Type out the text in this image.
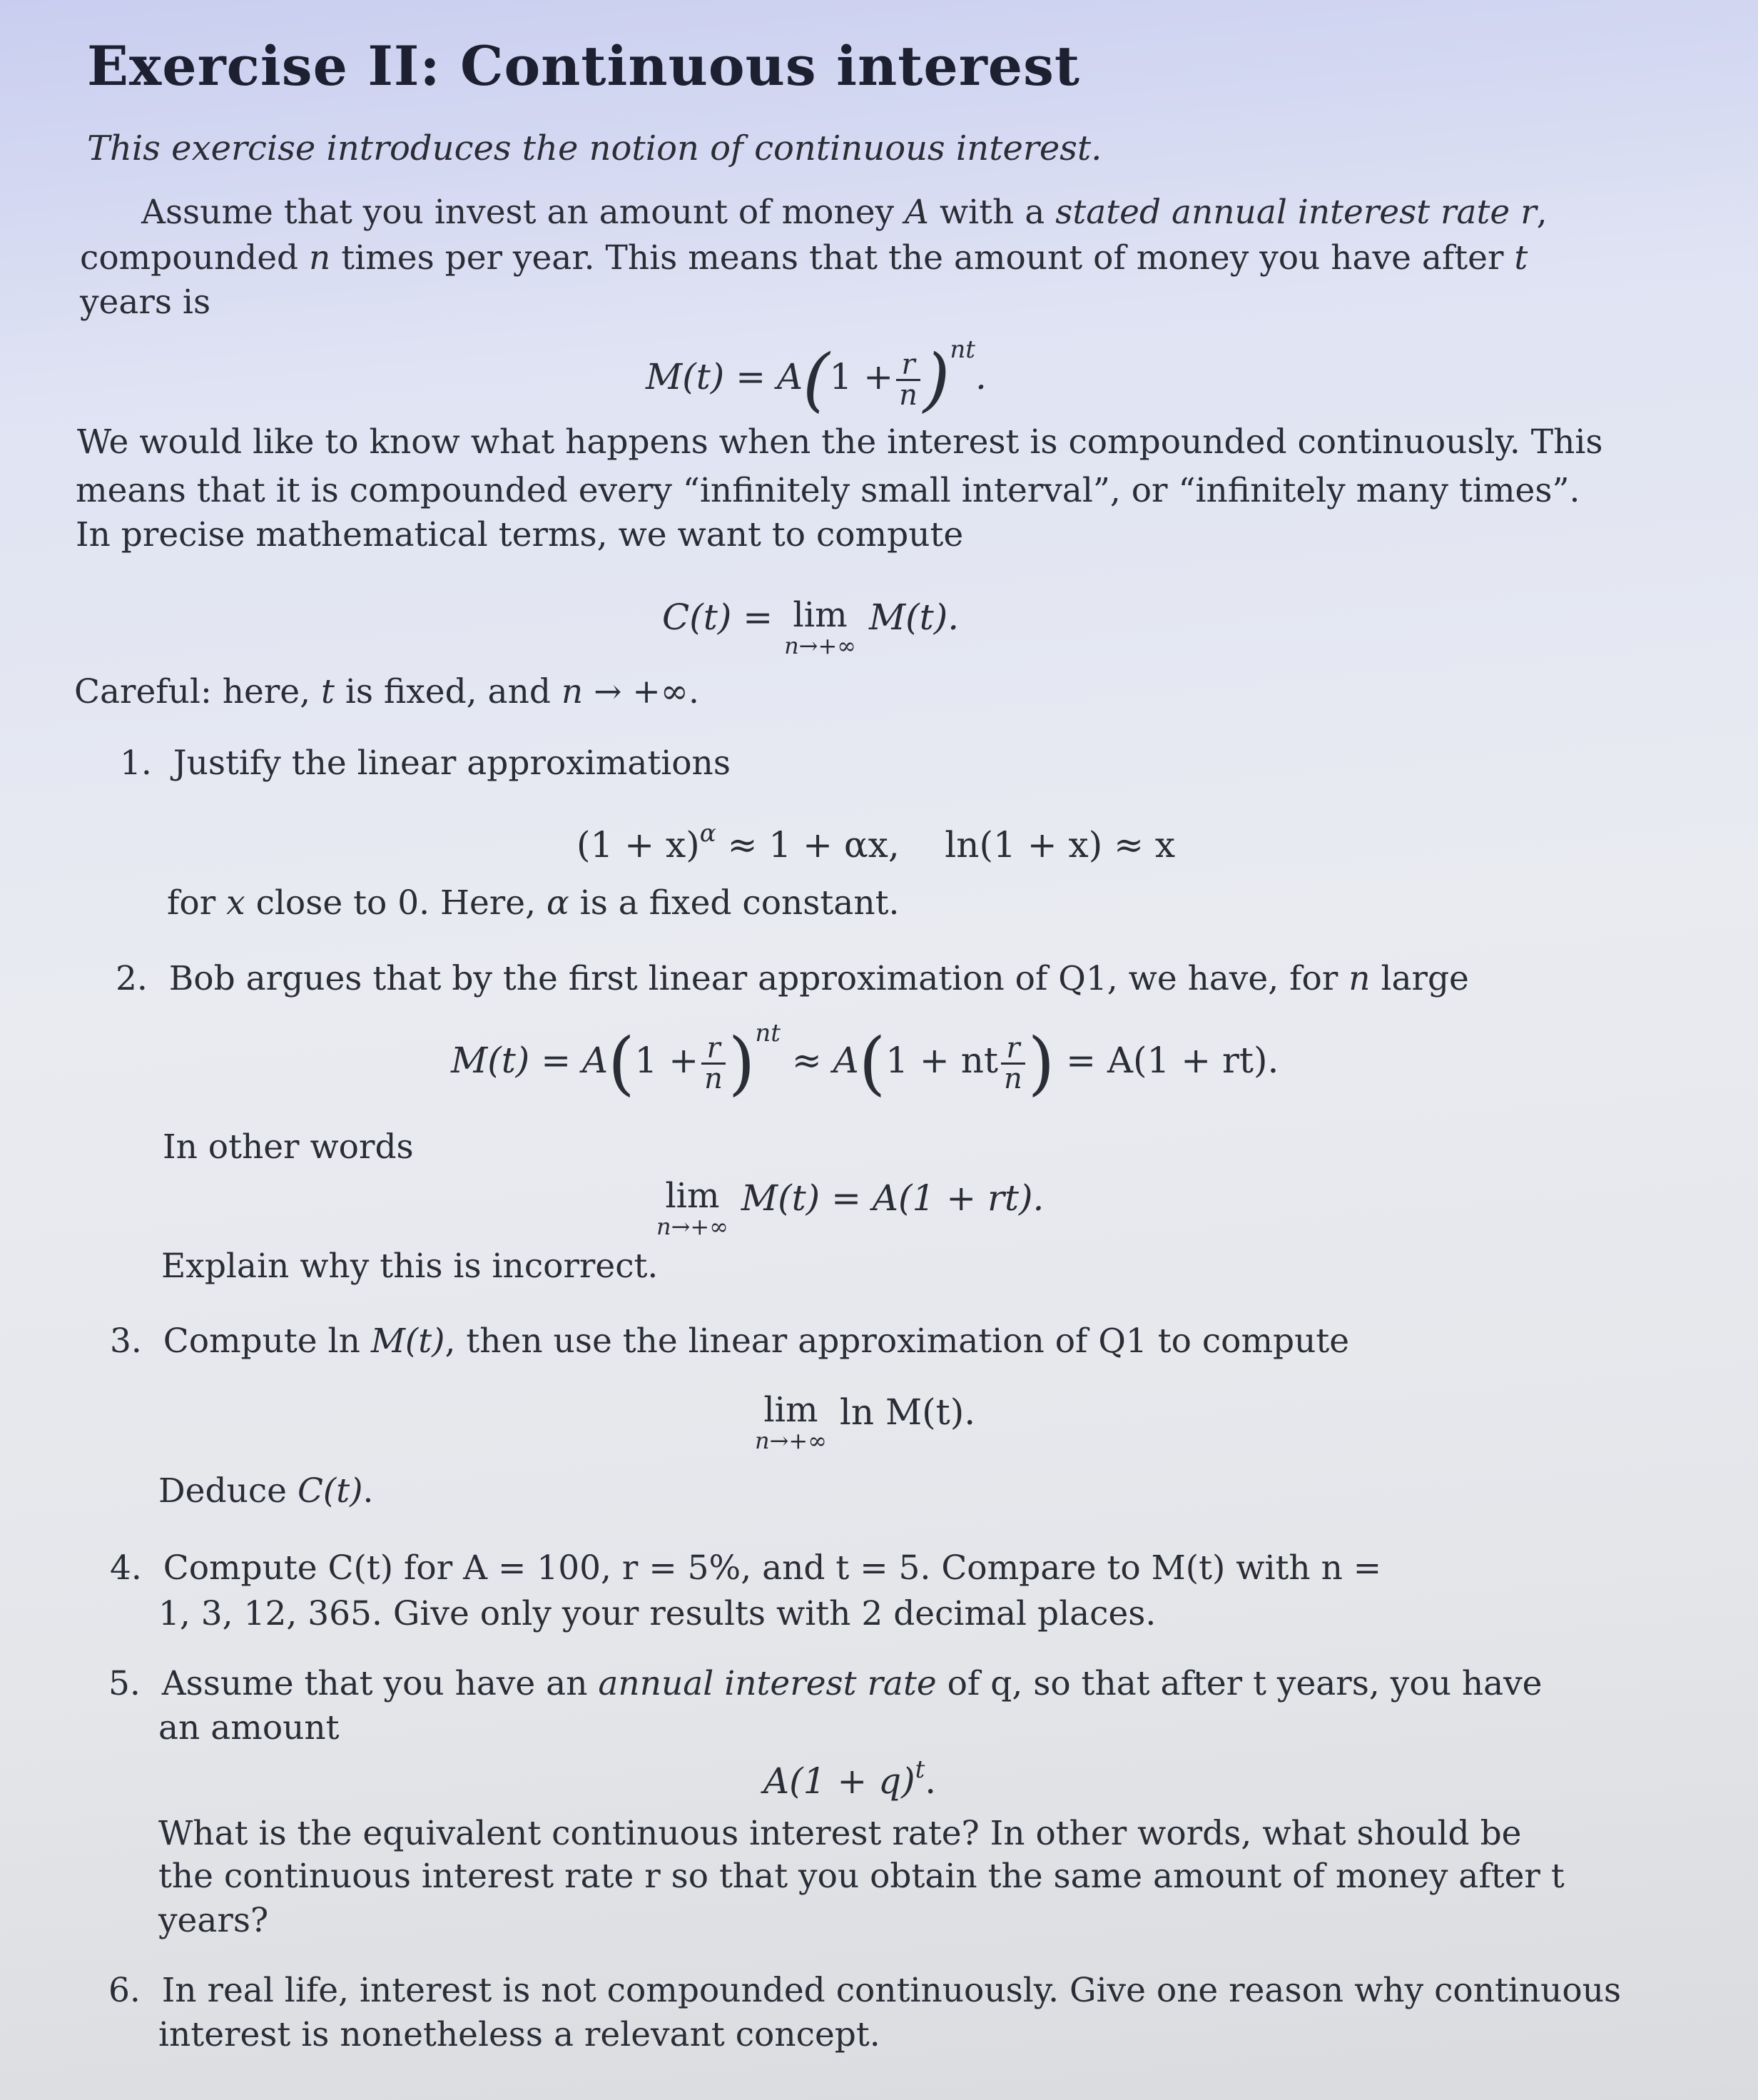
Exercise II: Continuous interest
This exercise introduces the notion of continuous interest.
Assume that you invest an amount of money A with a stated annual interest rate r,
compounded n times per year. This means that the amount of money you have after t
years is
$M(t) = A(1 + \frac{r}{n} )^{nt}$.
We would like to know what happens when the interest is compounded continuously. This
means that it is compounded every “infinitely small interval”, or “infinitely many times”.
In precise mathematical terms, we want to compute
C(t) = lim
n→+∞
M(t).
Careful: here, t is fixed, and n → +∞.
1. Justify the linear approximations
$(1 + x)^\alpha \approx 1 + \alpha x$, ln(1 + x) ≈ x
for x close to 0. Here, α is a fixed constant.
2. Bob argues that by the first linear approximation of Q1, we have, for n large
$M(t) = A(1 + \frac{r}{n} )^{nt} \approx A(1$ + nt $\frac{r}{n}$ ) = A(1 + rt).
In other words
lim
n→+∞
M(t) = A(1 + rt).
Explain why this is incorrect.
3. Compute ln M(t), then use the linear approximation of Q1 to compute
lim
n→+∞
ln M(t).
Deduce C(t).
4. Compute C(t) for A = 100, r = 5%, and t = 5. Compare to M(t) with n =
1, 3, 12, 365. Give only your results with 2 decimal places.
5. Assume that you have an annual interest rate of q, so that after t years, you have
an amount
$A(1 + q)^t$.
What is the equivalent continuous interest rate? In other words, what should be
the continuous interest rate r so that you obtain the same amount of money after t
years?
6. In real life, interest is not compounded continuously. Give one reason why continuous
interest is nonetheless a relevant concept.
